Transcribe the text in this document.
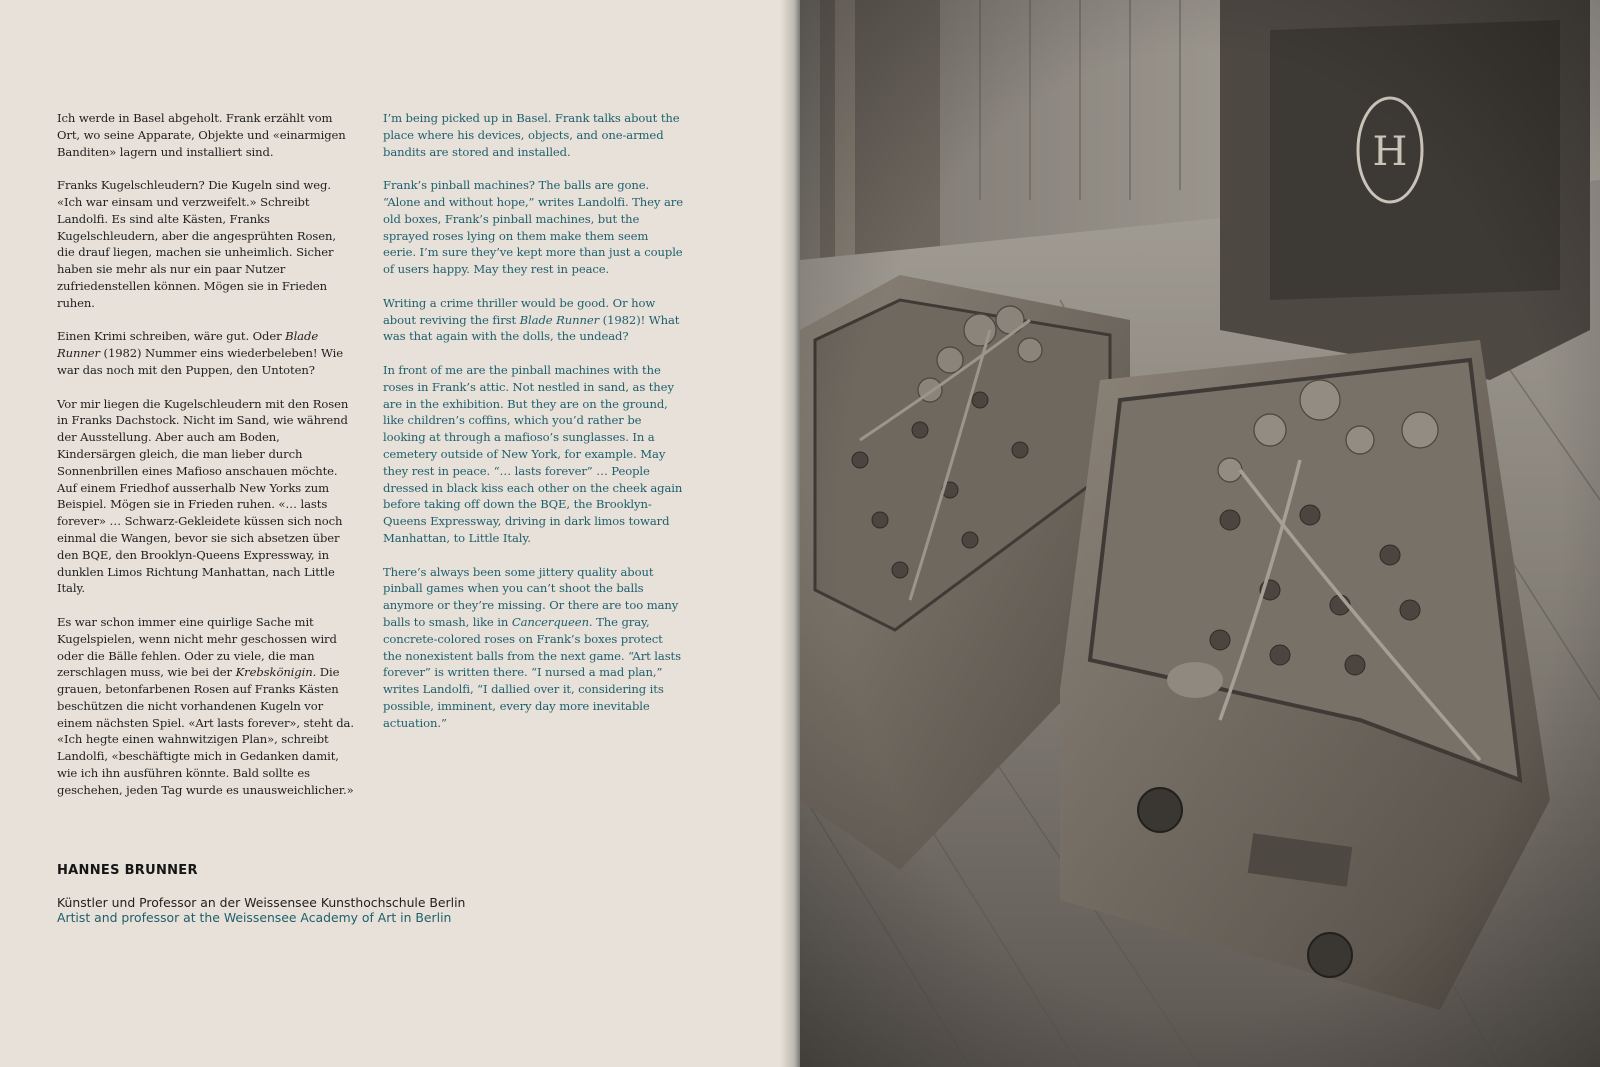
Ich werde in Basel abgeholt. Frank erzählt vom Ort, wo seine Apparate, Objekte und «einarmigen Banditen» lagern und installiert sind.

Franks Kugelschleudern? Die Kugeln sind weg. «Ich war einsam und verzweifelt.» Schreibt Landolfi. Es sind alte Kästen, Franks Kugelschleudern, aber die angesprühten Rosen, die drauf liegen, machen sie unheimlich. Sicher haben sie mehr als nur ein paar Nutzer zufriedenstellen können. Mögen sie in Frieden ruhen.

Einen Krimi schreiben, wäre gut. Oder Blade Runner (1982) Nummer eins wiederbeleben! Wie war das noch mit den Puppen, den Untoten?

Vor mir liegen die Kugelschleudern mit den Rosen in Franks Dachstock. Nicht im Sand, wie während der Ausstellung. Aber auch am Boden, Kindersärgen gleich, die man lieber durch Sonnenbrillen eines Mafioso anschauen möchte. Auf einem Friedhof ausserhalb New Yorks zum Beispiel. Mögen sie in Frieden ruhen. «… lasts forever» … Schwarz-Gekleidete küssen sich noch einmal die Wangen, bevor sie sich absetzen über den BQE, den Brooklyn-Queens Expressway, in dunklen Limos Richtung Manhattan, nach Little Italy.

Es war schon immer eine quirlige Sache mit Kugelspielen, wenn nicht mehr geschossen wird oder die Bälle fehlen. Oder zu viele, die man zerschlagen muss, wie bei der Krebskönigin. Die grauen, betonfarbenen Rosen auf Franks Kästen beschützen die nicht vorhandenen Kugeln vor einem nächsten Spiel. «Art lasts forever», steht da. «Ich hegte einen wahnwitzigen Plan», schreibt Landolfi, «beschäftigte mich in Gedanken damit, wie ich ihn ausführen könnte. Bald sollte es geschehen, jeden Tag wurde es unausweichlicher.»

I’m being picked up in Basel. Frank talks about the place where his devices, objects, and one-armed bandits are stored and installed.

Frank’s pinball machines? The balls are gone. “Alone and without hope,” writes Landolfi. They are old boxes, Frank’s pinball machines, but the sprayed roses lying on them make them seem eerie. I’m sure they’ve kept more than just a couple of users happy. May they rest in peace.

Writing a crime thriller would be good. Or how about reviving the first Blade Runner (1982)! What was that again with the dolls, the undead?

In front of me are the pinball machines with the roses in Frank’s attic. Not nestled in sand, as they are in the exhibition. But they are on the ground, like children’s coffins, which you’d rather be looking at through a mafioso’s sunglasses. In a cemetery outside of New York, for example. May they rest in peace. “… lasts forever” … People dressed in black kiss each other on the cheek again before taking off down the BQE, the Brooklyn-Queens Expressway, driving in dark limos toward Manhattan, to Little Italy.

There’s always been some jittery quality about pinball games when you can’t shoot the balls anymore or they’re missing. Or there are too many balls to smash, like in Cancerqueen. The gray, concrete-colored roses on Frank’s boxes protect the nonexistent balls from the next game. “Art lasts forever” is written there. “I nursed a mad plan,” writes Landolfi, “I dallied over it, considering its possible, imminent, every day more inevitable actuation.”

HANNES BRUNNER
Künstler und Professor an der Weissensee Kunsthochschule Berlin
Artist and professor at the Weissensee Academy of Art in Berlin
